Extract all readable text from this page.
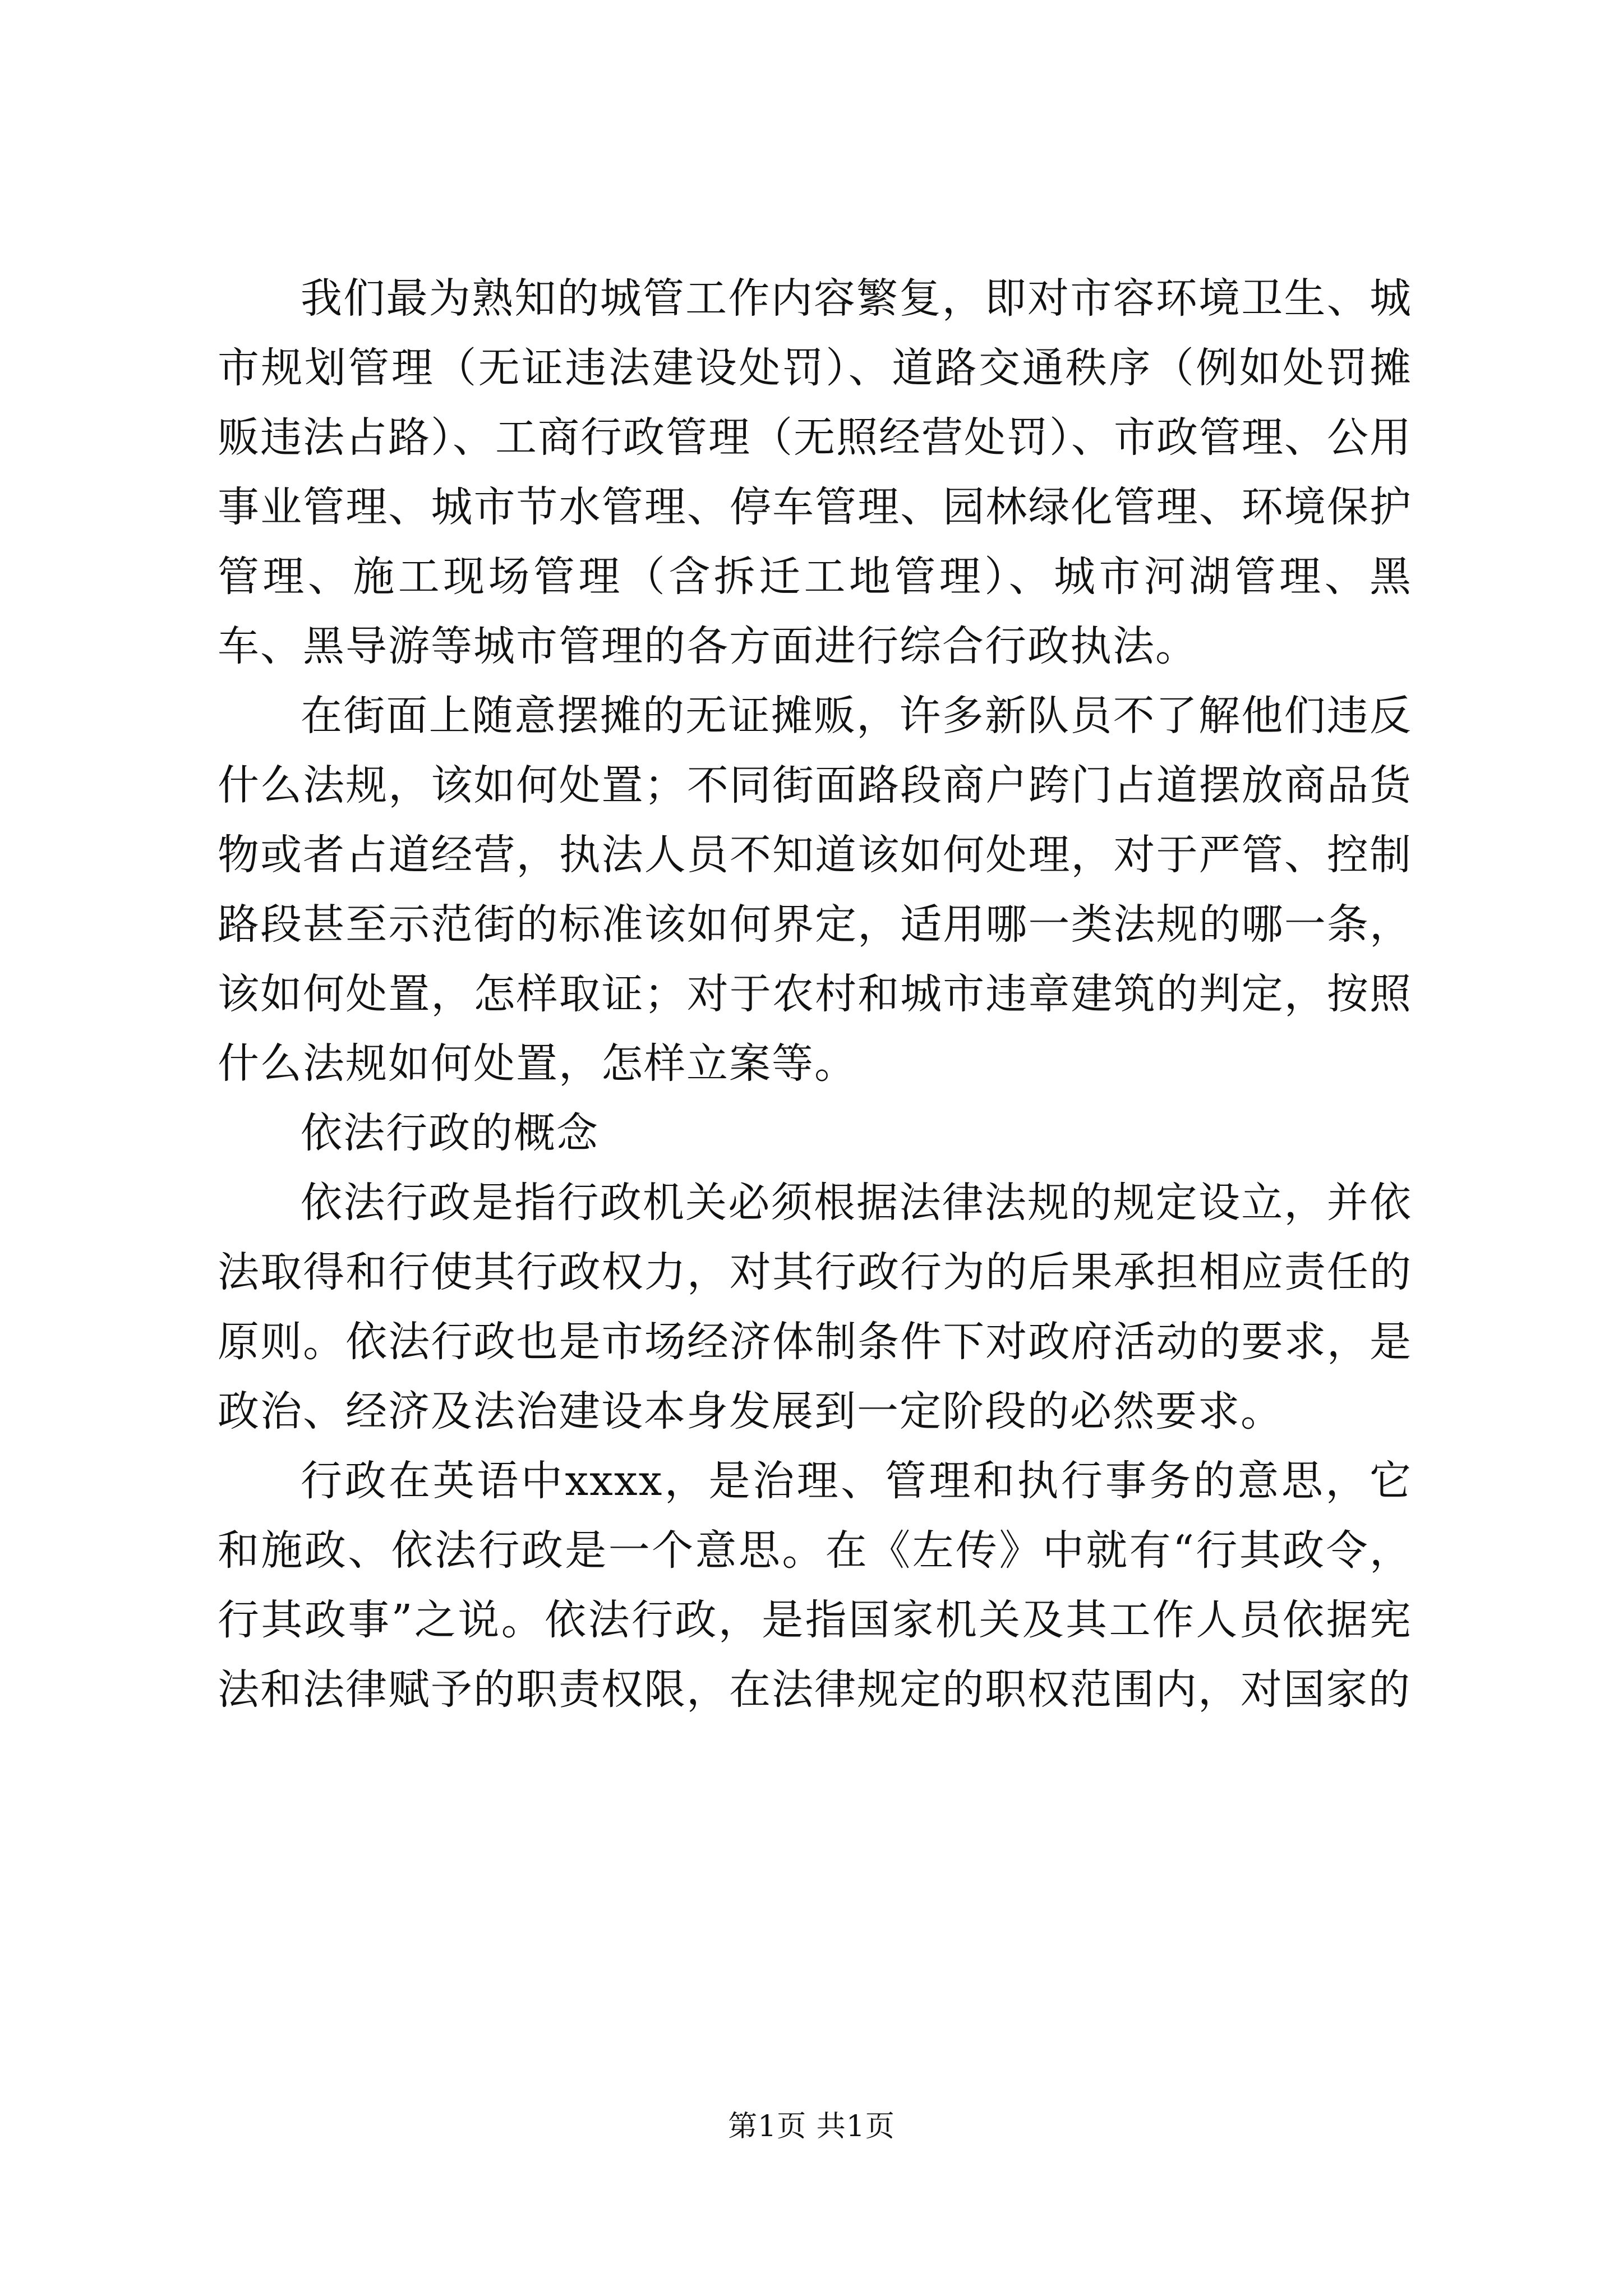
我们最为熟知的城管工作内容繁复，即对市容环境卫生、城市规划管理（无证违法建设处罚）、道路交通秩序（例如处罚摊贩违法占路）、工商行政管理（无照经营处罚）、市政管理、公用事业管理、城市节水管理、停车管理、园林绿化管理、环境保护管理、施工现场管理（含拆迁工地管理）、城市河湖管理、黑车、黑导游等城市管理的各方面进行综合行政执法。

在街面上随意摆摊的无证摊贩，许多新队员不了解他们违反什么法规，该如何处置；不同街面路段商户跨门占道摆放商品货物或者占道经营，执法人员不知道该如何处理，对于严管、控制路段甚至示范街的标准该如何界定，适用哪一类法规的哪一条，该如何处置，怎样取证；对于农村和城市违章建筑的判定，按照什么法规如何处置，怎样立案等。

依法行政的概念

依法行政是指行政机关必须根据法律法规的规定设立，并依法取得和行使其行政权力，对其行政行为的后果承担相应责任的原则。依法行政也是市场经济体制条件下对政府活动的要求，是政治、经济及法治建设本身发展到一定阶段的必然要求。

行政在英语中xxxx，是治理、管理和执行事务的意思，它和施政、依法行政是一个意思。在《左传》中就有“行其政令，行其政事”之说。依法行政，是指国家机关及其工作人员依据宪法和法律赋予的职责权限，在法律规定的职权范围内，对国家的

第1页 共1页
